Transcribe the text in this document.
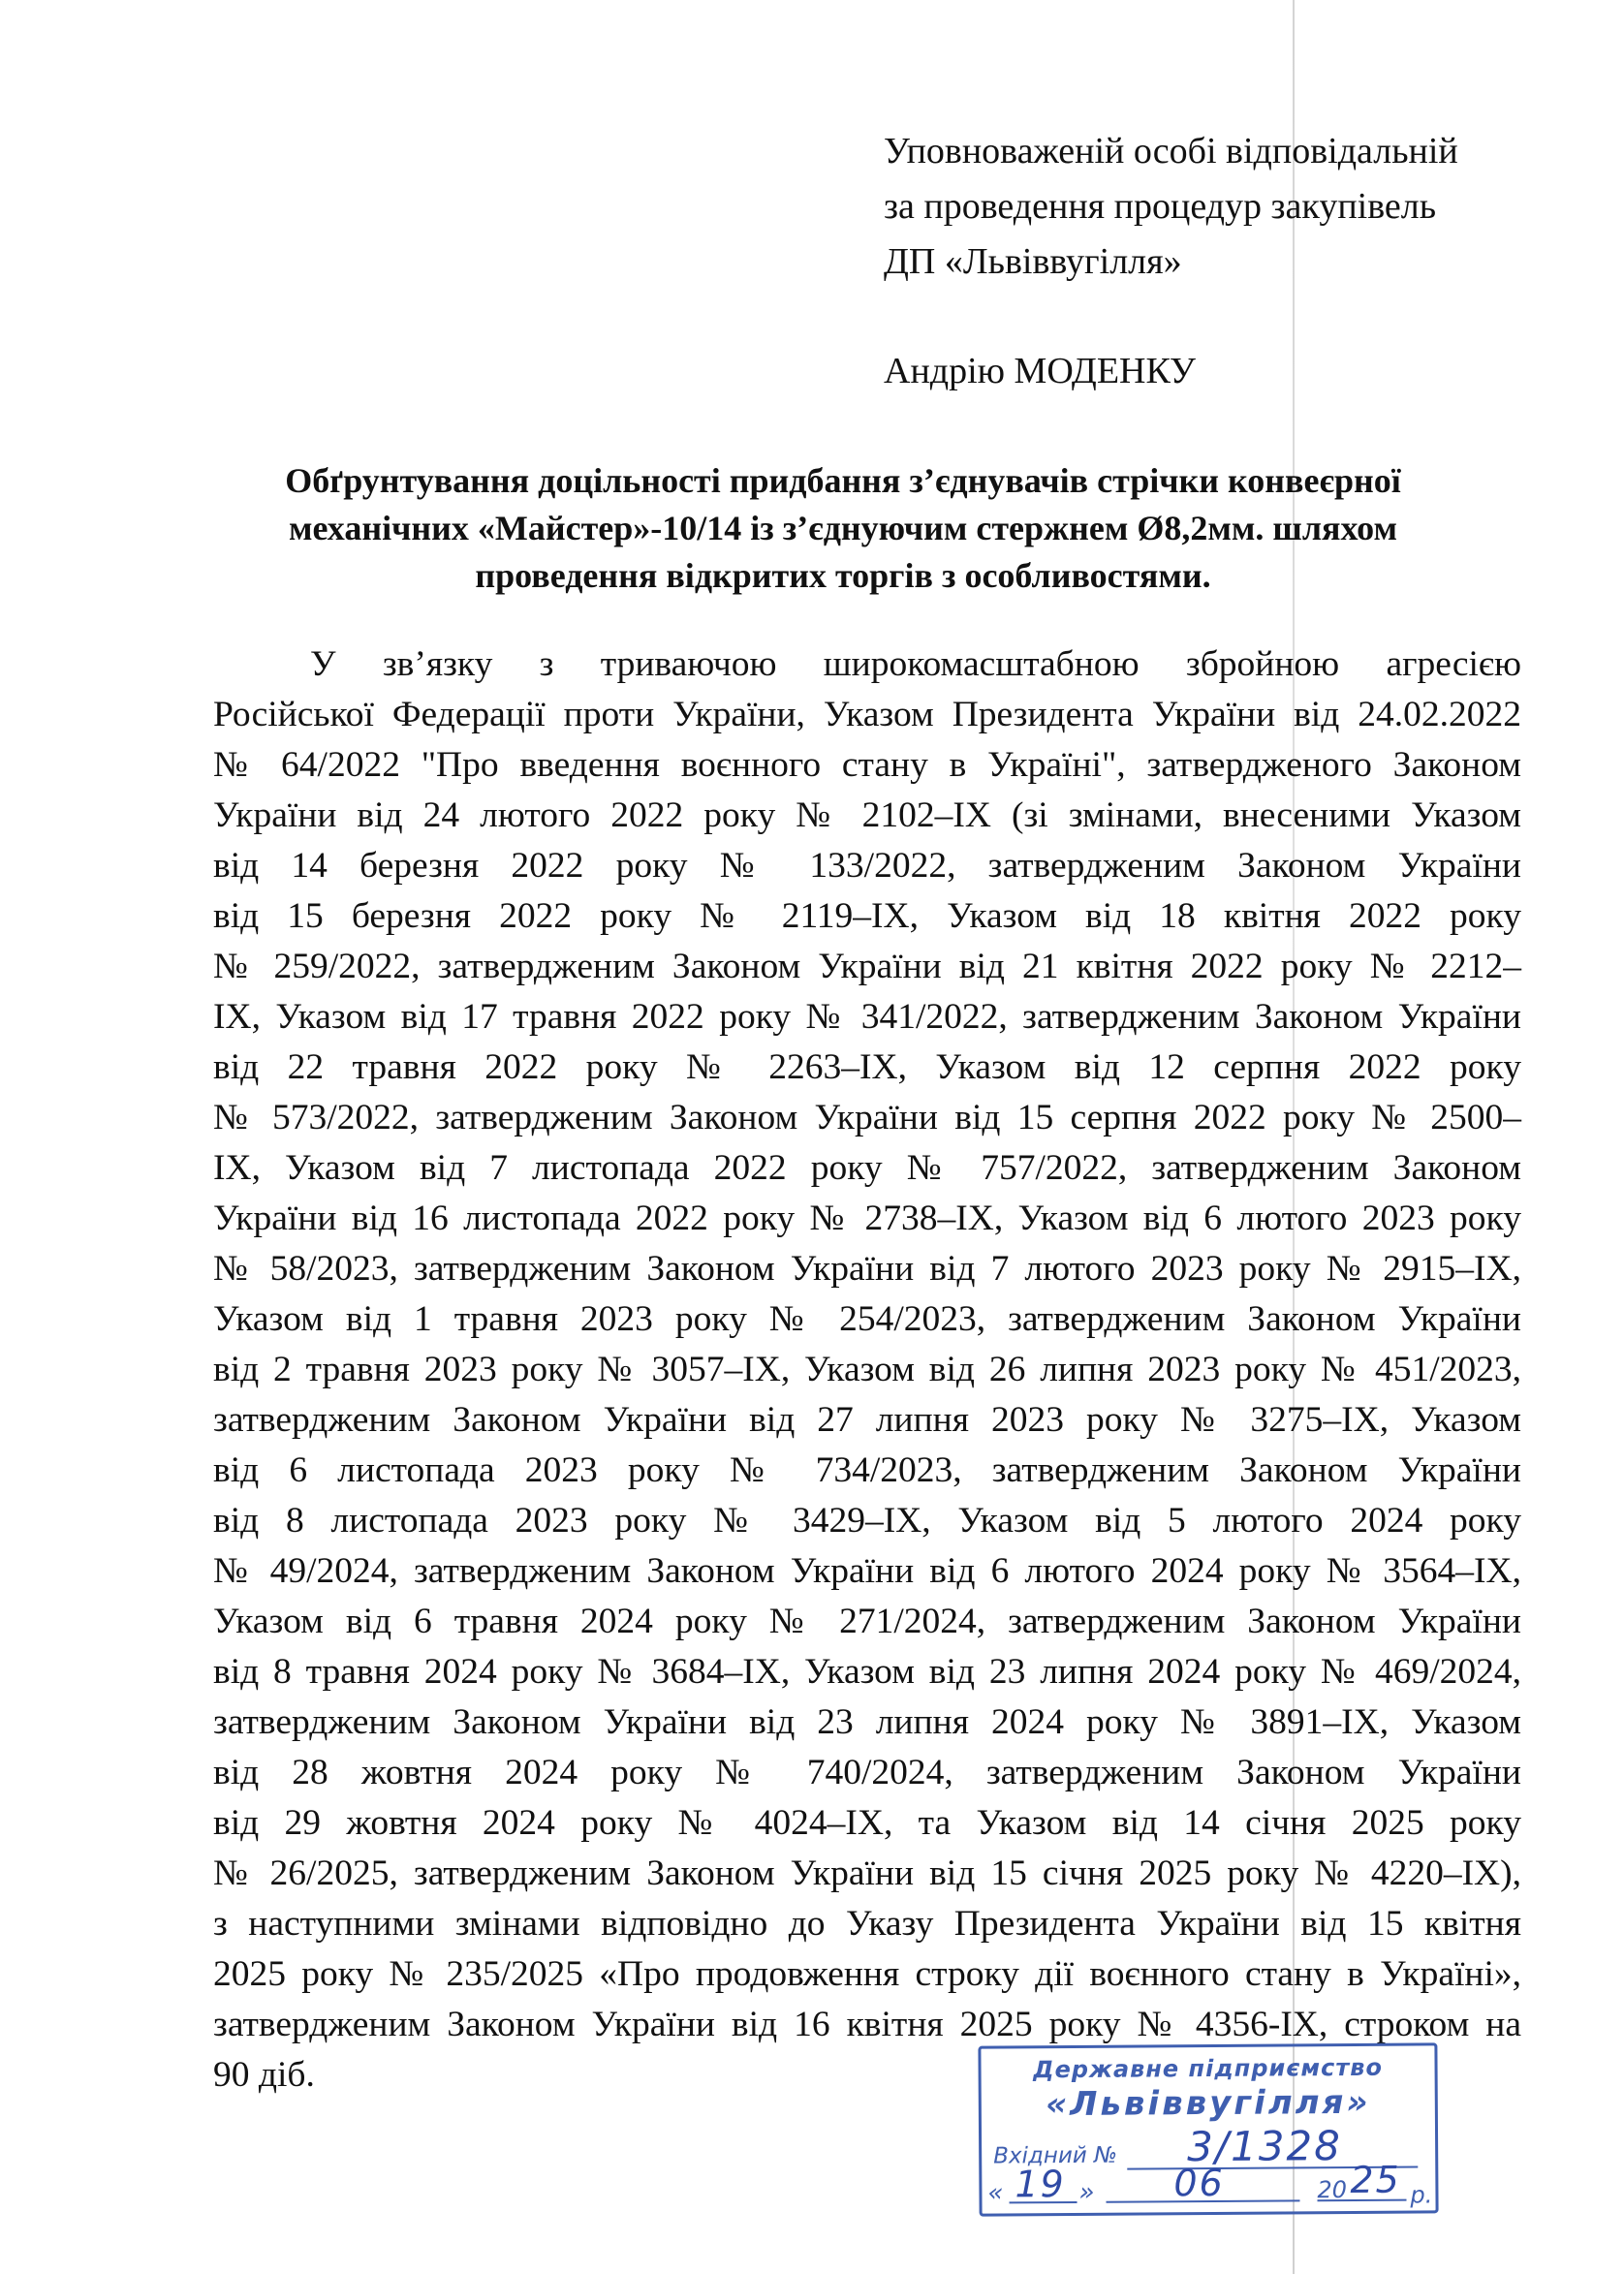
Уповноваженій особі відповідальній
за проведення процедур закупівель
ДП «Львіввугілля»
Андрію МОДЕНКУ
Обґрунтування доцільності придбання з’єднувачів стрічки конвеєрної
механічних «Майстер»-10/14 із з’єднуючим стержнем Ø8,2мм. шляхом
проведення відкритих торгів з особливостями.
У зв’язку з триваючою широкомасштабною збройною агресією
Російської Федерації проти України, Указом Президента України від 24.02.2022
№ 64/2022 "Про введення воєнного стану в Україні", затвердженого Законом
України від 24 лютого 2022 року № 2102–IX (зі змінами, внесеними Указом
від 14 березня 2022 року № 133/2022, затвердженим Законом України
від 15 березня 2022 року № 2119–IX, Указом від 18 квітня 2022 року
№ 259/2022, затвердженим Законом України від 21 квітня 2022 року № 2212–
IX, Указом від 17 травня 2022 року № 341/2022, затвердженим Законом України
від 22 травня 2022 року № 2263–IX, Указом від 12 серпня 2022 року
№ 573/2022, затвердженим Законом України від 15 серпня 2022 року № 2500–
IX, Указом від 7 листопада 2022 року № 757/2022, затвердженим Законом
України від 16 листопада 2022 року № 2738–IX, Указом від 6 лютого 2023 року
№ 58/2023, затвердженим Законом України від 7 лютого 2023 року № 2915–IX,
Указом від 1 травня 2023 року № 254/2023, затвердженим Законом України
від 2 травня 2023 року № 3057–IX, Указом від 26 липня 2023 року № 451/2023,
затвердженим Законом України від 27 липня 2023 року № 3275–IX, Указом
від 6 листопада 2023 року № 734/2023, затвердженим Законом України
від 8 листопада 2023 року № 3429–IX, Указом від 5 лютого 2024 року
№ 49/2024, затвердженим Законом України від 6 лютого 2024 року № 3564–IX,
Указом від 6 травня 2024 року № 271/2024, затвердженим Законом України
від 8 травня 2024 року № 3684–IX, Указом від 23 липня 2024 року № 469/2024,
затвердженим Законом України від 23 липня 2024 року № 3891–IX, Указом
від 28 жовтня 2024 року № 740/2024, затвердженим Законом України
від 29 жовтня 2024 року № 4024–IX, та Указом від 14 січня 2025 року
№ 26/2025, затвердженим Законом України від 15 січня 2025 року № 4220–IX),
з наступними змінами відповідно до Указу Президента України від 15 квітня
2025 року № 235/2025 «Про продовження строку дії воєнного стану в Україні»,
затвердженим Законом України від 16 квітня 2025 року № 4356-IX, строком на
90 діб.	Державне підприємство
«Львіввугілля»
Вхідний № 3/1328
« 19 » 06	20 25 р.
